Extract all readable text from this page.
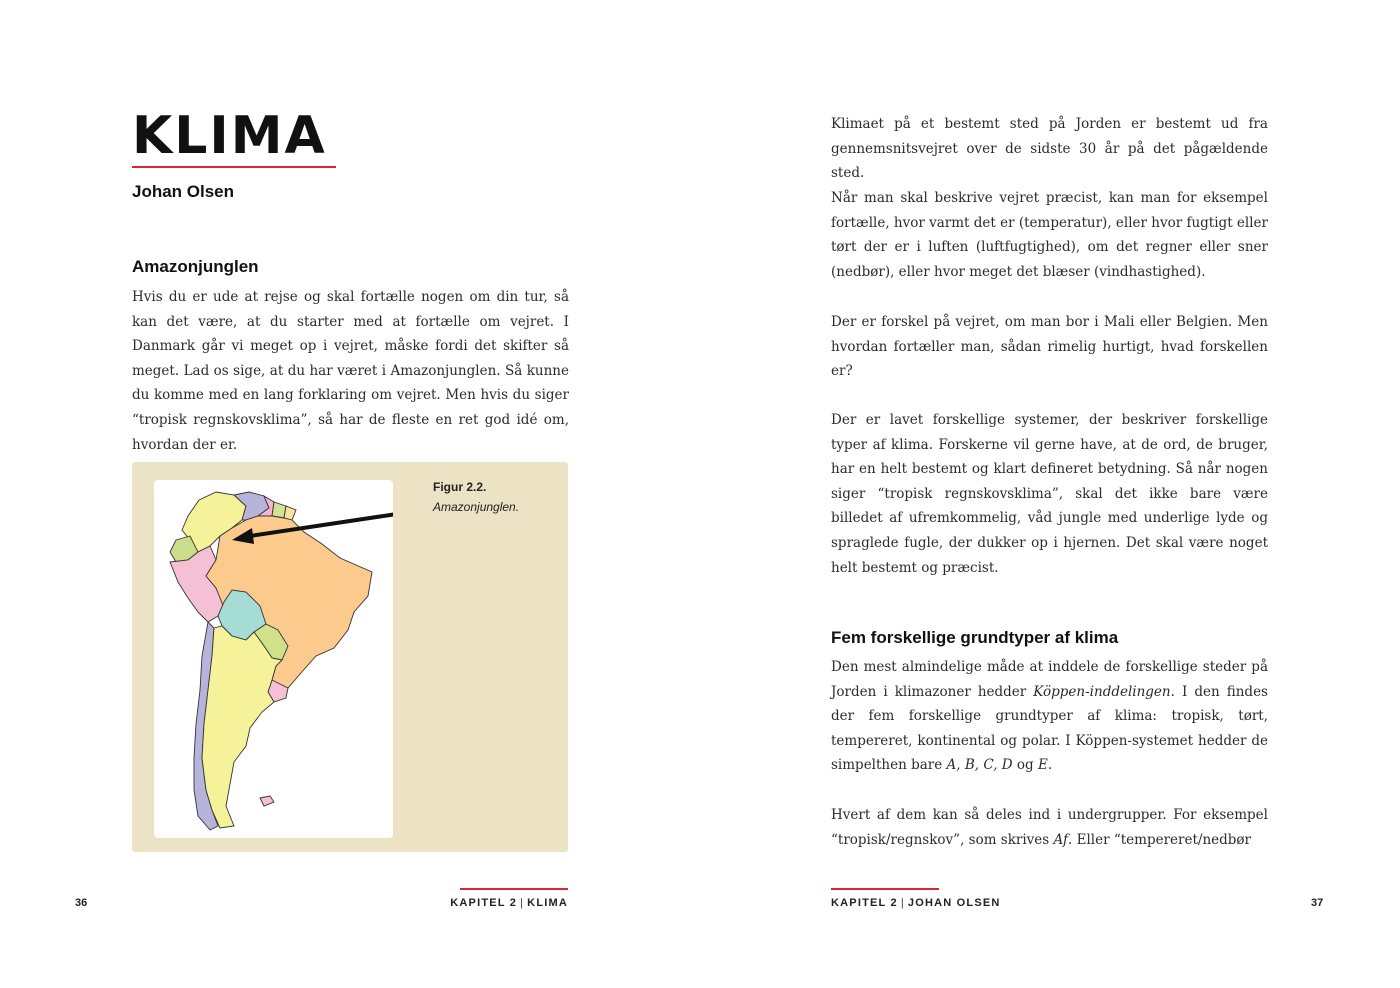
KLIMA

Johan Olsen

Amazonjunglen

Hvis du er ude at rejse og skal fortælle nogen om din tur, så kan det være, at du starter med at fortælle om vejret. I Danmark går vi meget op i vejret, måske fordi det skifter så meget. Lad os sige, at du har været i Amazonjunglen. Så kunne du komme med en lang forklaring om vejret. Men hvis du siger “tropisk regnskovsklima”, så har de fleste en ret god idé om, hvordan der er.

Figur 2.2.
Amazonjunglen.
36	KAPITEL 2 | KLIMA

Klimaet på et bestemt sted på Jorden er bestemt ud fra gennemsnitsvejret over de sidste 30 år på det pågældende sted.

Når man skal beskrive vejret præcist, kan man for eksempel fortælle, hvor varmt det er (temperatur), eller hvor fugtigt eller tørt der er i luften (luftfugtighed), om det regner eller sner (nedbør), eller hvor meget det blæser (vindhastighed).

Der er forskel på vejret, om man bor i Mali eller Belgien. Men hvordan fortæller man, sådan rimelig hurtigt, hvad forskellen er?

Der er lavet forskellige systemer, der beskriver forskellige typer af klima. Forskerne vil gerne have, at de ord, de bruger, har en helt bestemt og klart defineret betydning. Så når nogen siger “tropisk regnskovsklima”, skal det ikke bare være billedet af ufremkommelig, våd jungle med underlige lyde og spraglede fugle, der dukker op i hjernen. Det skal være noget helt bestemt og præcist.

Fem forskellige grundtyper af klima

Den mest almindelige måde at inddele de forskellige steder på Jorden i klimazoner hedder Köppen-inddelingen. I den findes der fem forskellige grundtyper af klima: tropisk, tørt, tempereret, kontinental og polar. I Köppen-systemet hedder de simpelthen bare A, B, C, D og E.

Hvert af dem kan så deles ind i undergrupper. For eksempel “tropisk/regnskov”, som skrives Af. Eller “tempereret/nedbør

KAPITEL 2 | JOHAN OLSEN	37
